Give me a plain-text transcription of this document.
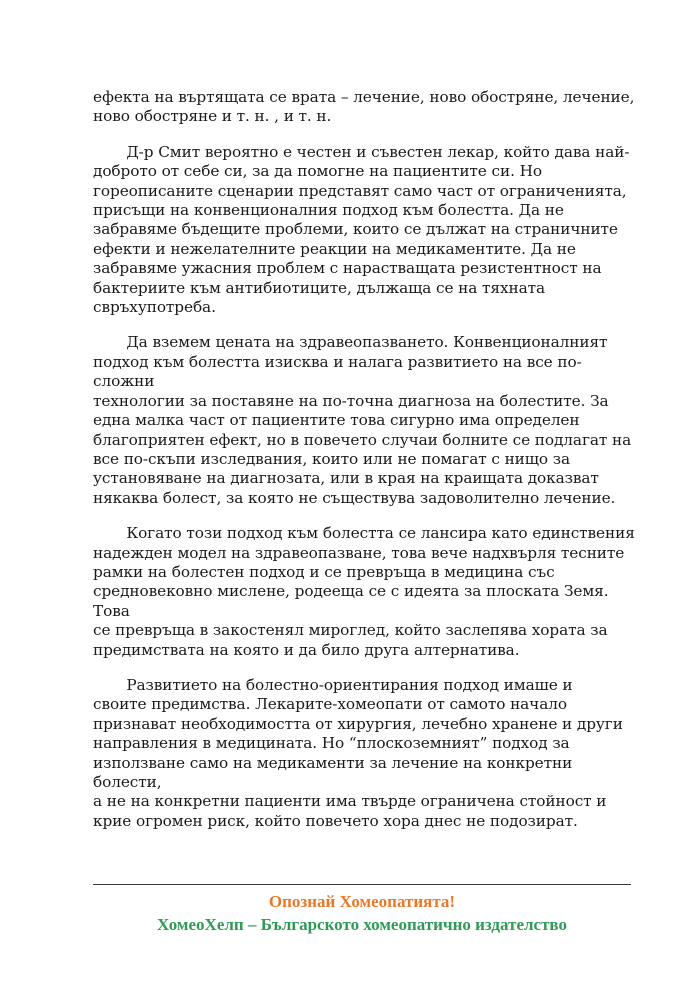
ефекта на въртящата се врата – лечение, ново обостряне, лечение,
ново обостряне и т. н. , и т. н.

Д-р Смит вероятно е честен и съвестен лекар, който дава най-
доброто от себе си, за да помогне на пациентите си. Но
гореописаните сценарии представят само част от ограниченията,
присъщи на конвенционалния подход към болестта. Да не
забравяме бъдещите проблеми, които се дължат на страничните
ефекти и нежелателните реакции на медикаментите. Да не
забравяме ужасния проблем с нарастващата резистентност на
бактериите към антибиотиците, дължаща се на тяхната
свръхупотреба.

Да вземем цената на здравеопазването. Конвенционалният
подход към болестта изисква и налага развитието на все по-сложни
технологии за поставяне на по-точна диагноза на болестите. За
една малка част от пациентите това сигурно има определен
благоприятен ефект, но в повечето случаи болните се подлагат на
все по-скъпи изследвания, които или не помагат с нищо за
установяване на диагнозата, или в края на краищата доказват
някаква болест, за която не съществува задоволително лечение.

Когато този подход към болестта се лансира като единствения
надежден модел на здравеопазване, това вече надхвърля тесните
рамки на болестен подход и се превръща в медицина със
средновековно мислене, родееща се с идеята за плоската Земя. Това
се превръща в закостенял мироглед, който заслепява хората за
предимствата на която и да било друга алтернатива.

Развитието на болестно-ориентирания подход имаше и
своите предимства. Лекарите-хомеопати от самото начало
признават необходимостта от хирургия, лечебно хранене и други
направления в медицината. Но “плоскоземният” подход за
използване само на медикаменти за лечение на конкретни болести,
а не на конкретни пациенти има твърде ограничена стойност и
крие огромен риск, който повечето хора днес не подозират.

Опознай Хомеопатията!
ХомеоХелп – Българското хомеопатично издателство
